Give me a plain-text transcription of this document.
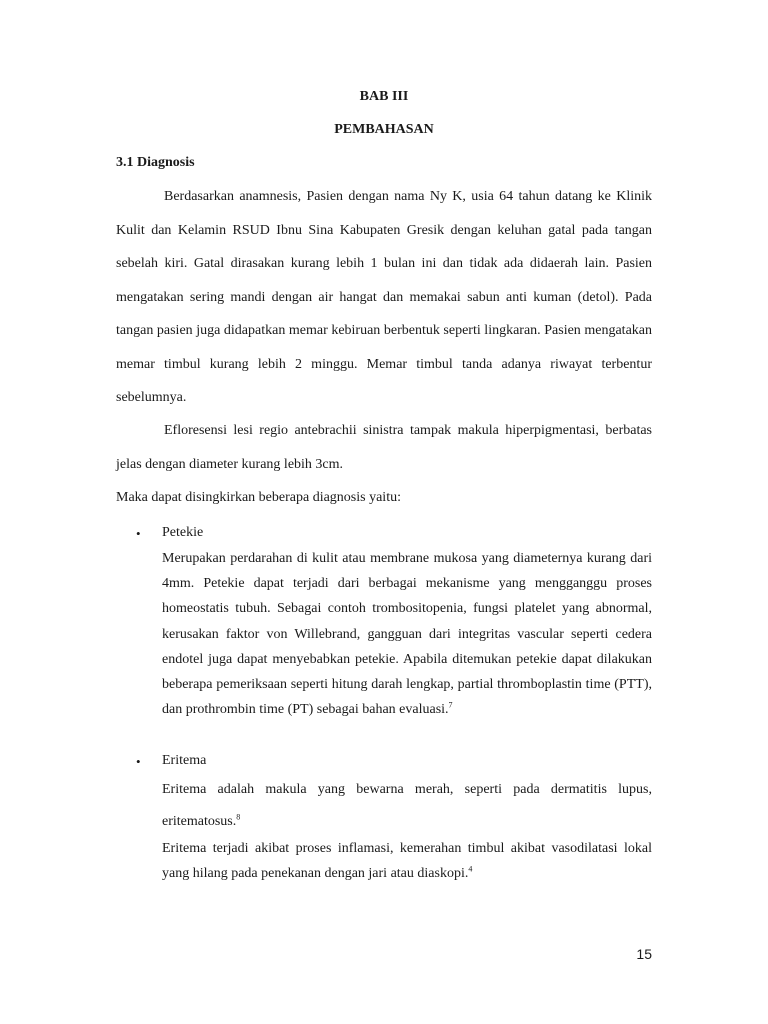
BAB III
PEMBAHASAN
3.1 Diagnosis

Berdasarkan anamnesis, Pasien dengan nama Ny K, usia 64 tahun datang ke Klinik Kulit dan Kelamin RSUD Ibnu Sina Kabupaten Gresik dengan keluhan gatal pada tangan sebelah kiri. Gatal dirasakan kurang lebih 1 bulan ini dan tidak ada didaerah lain. Pasien mengatakan sering mandi dengan air hangat dan memakai sabun anti kuman (detol). Pada tangan pasien juga didapatkan memar kebiruan berbentuk seperti lingkaran. Pasien mengatakan memar timbul kurang lebih 2 minggu. Memar timbul tanda adanya riwayat terbentur sebelumnya.

Efloresensi lesi regio antebrachii sinistra tampak makula hiperpigmentasi, berbatas jelas dengan diameter kurang lebih 3cm.

Maka dapat disingkirkan beberapa diagnosis yaitu:
• Petekie

Merupakan perdarahan di kulit atau membrane mukosa yang diameternya kurang dari 4mm. Petekie dapat terjadi dari berbagai mekanisme yang mengganggu proses homeostatis tubuh. Sebagai contoh trombositopenia, fungsi platelet yang abnormal, kerusakan faktor von Willebrand, gangguan dari integritas vascular seperti cedera endotel juga dapat menyebabkan petekie. Apabila ditemukan petekie dapat dilakukan beberapa pemeriksaan seperti hitung darah lengkap, partial thromboplastin time (PTT), dan prothrombin time (PT) sebagai bahan evaluasi.$^7$

• Eritema

Eritema adalah makula yang bewarna merah, seperti pada dermatitis lupus, eritematosus.$^8$

Eritema terjadi akibat proses inflamasi, kemerahan timbul akibat vasodilatasi lokal yang hilang pada penekanan dengan jari atau diaskopi.$^4$

15
